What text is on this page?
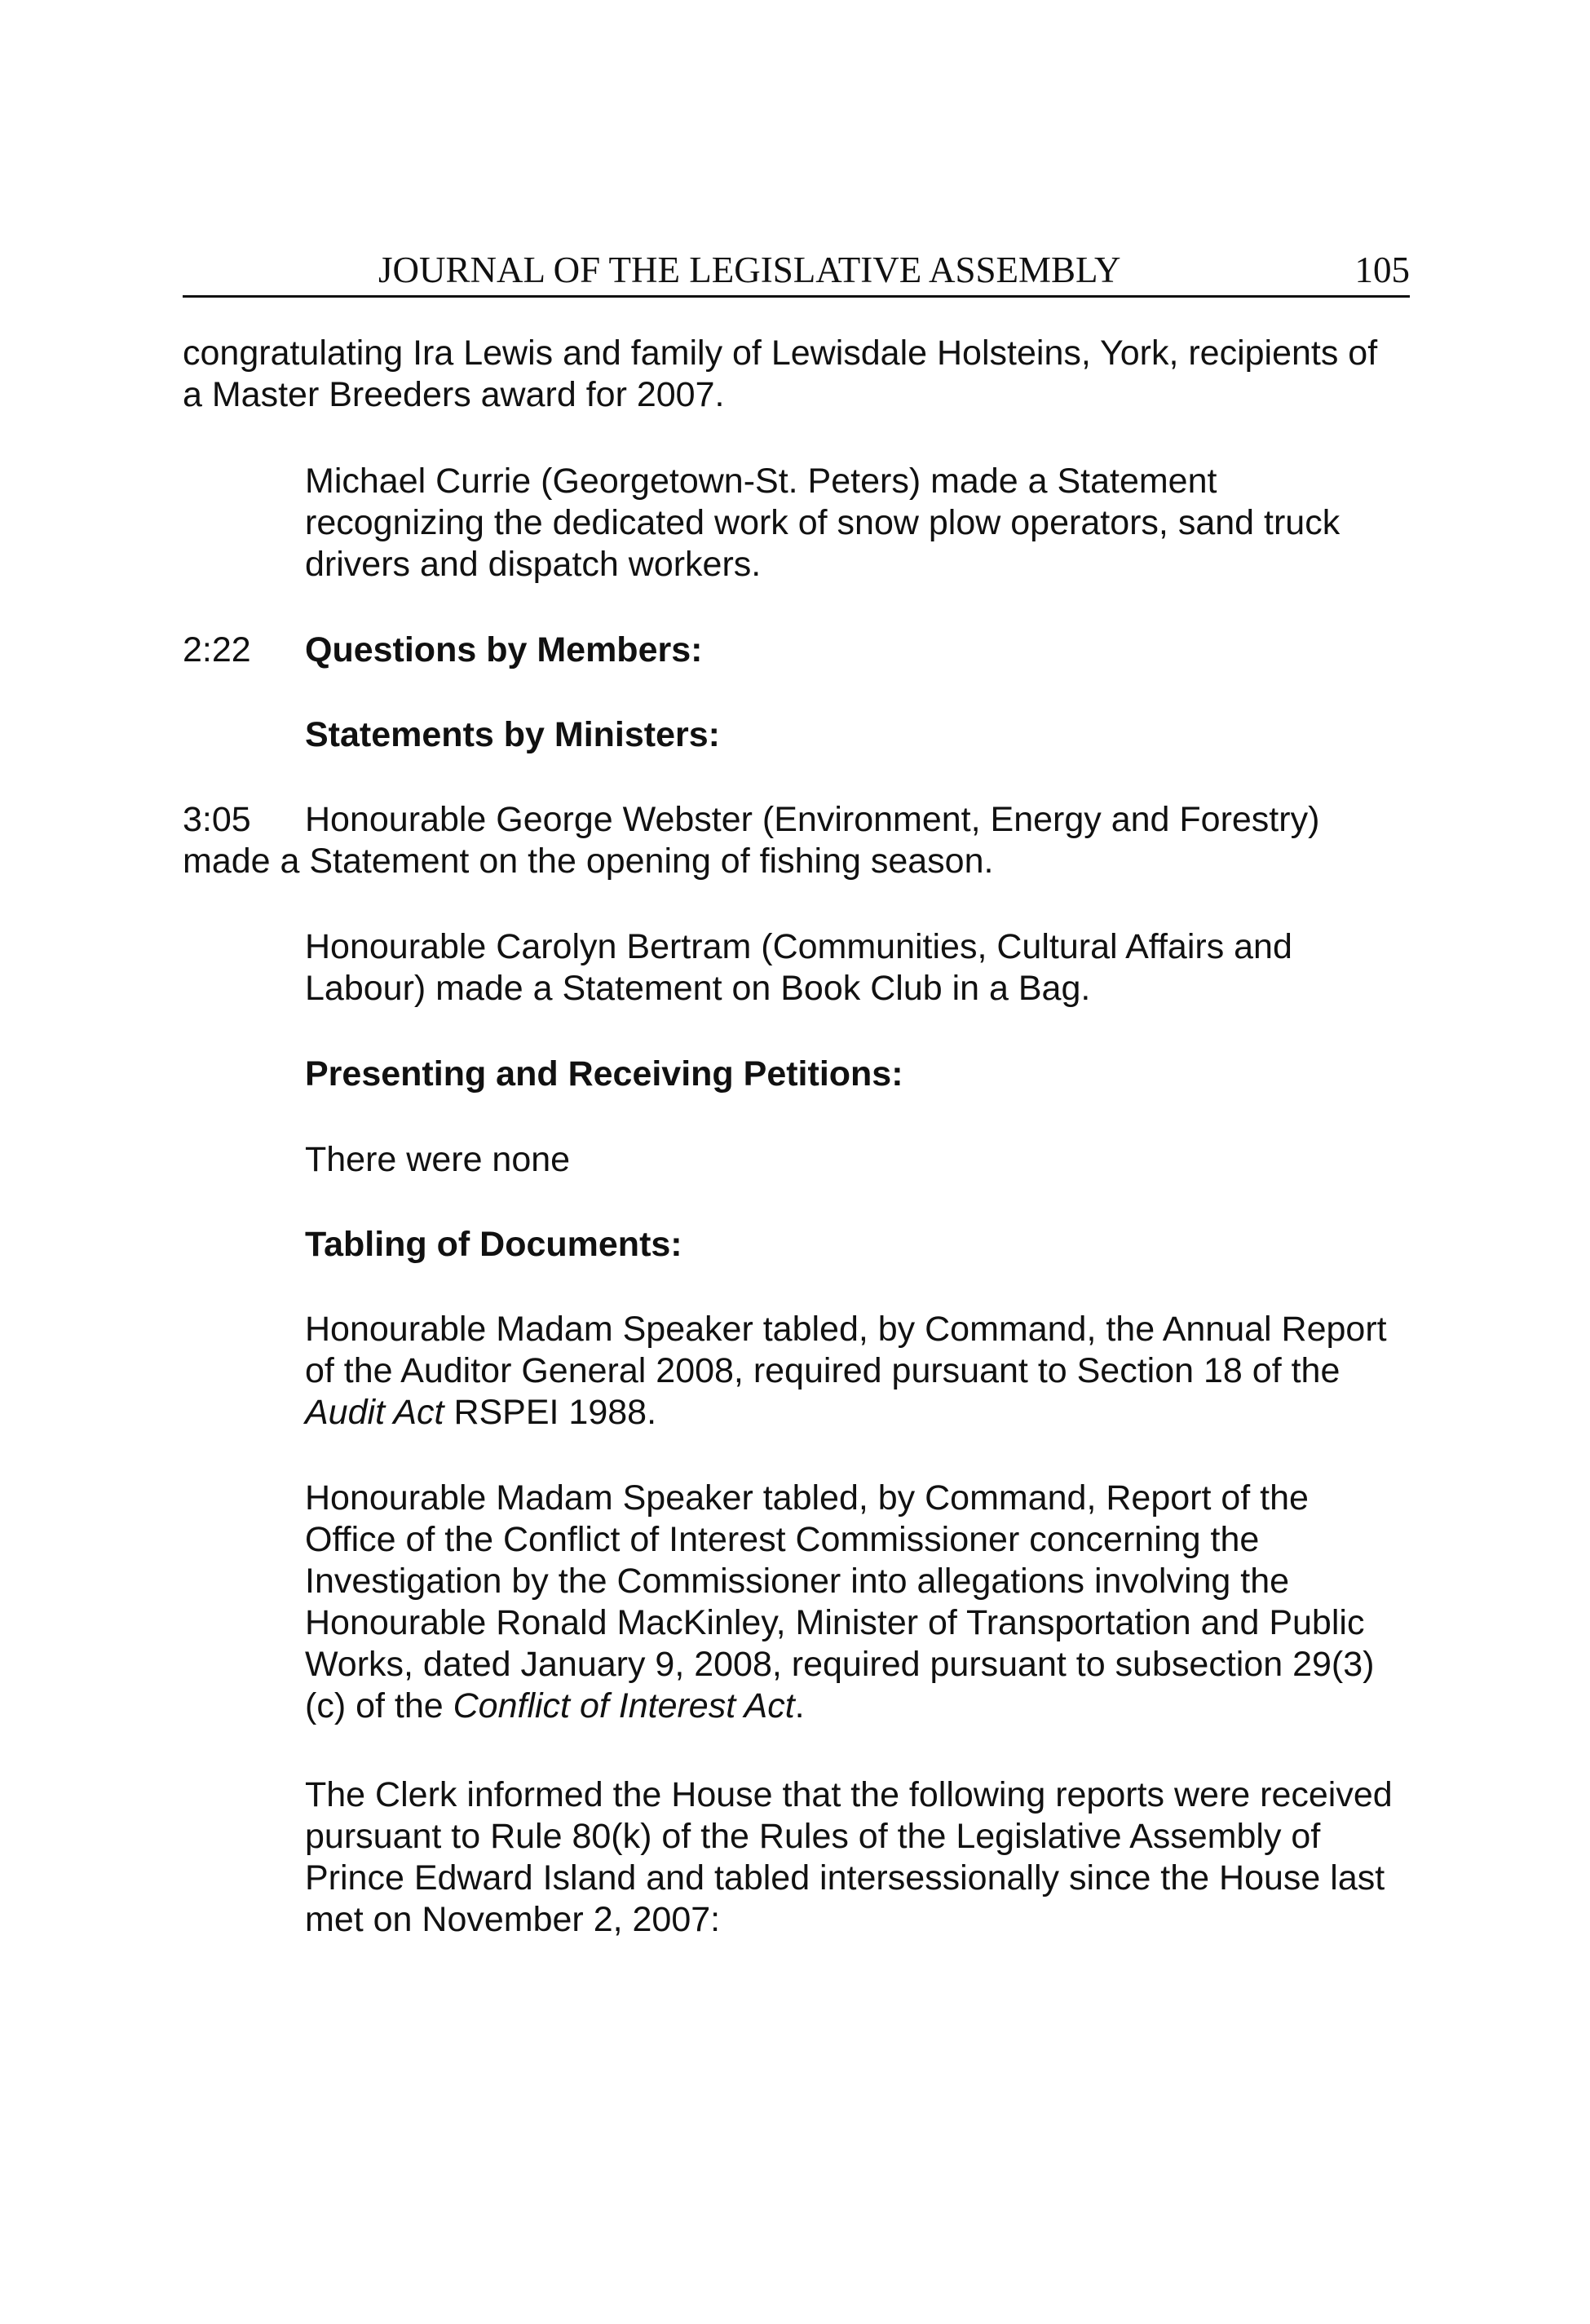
JOURNAL OF THE LEGISLATIVE ASSEMBLY	105

congratulating Ira Lewis and family of Lewisdale Holsteins, York, recipients of a Master Breeders award for 2007.

Michael Currie (Georgetown-St. Peters) made a Statement recognizing the dedicated work of snow plow operators, sand truck drivers and dispatch workers.

2:22 Questions by Members:
Statements by Ministers:

3:05 Honourable George Webster (Environment, Energy and Forestry) made a Statement on the opening of fishing season.

Honourable Carolyn Bertram (Communities, Cultural Affairs and Labour) made a Statement on Book Club in a Bag.

Presenting and Receiving Petitions:
There were none
Tabling of Documents:

Honourable Madam Speaker tabled, by Command, the Annual Report of the Auditor General 2008, required pursuant to Section 18 of the Audit Act RSPEI 1988.

Honourable Madam Speaker tabled, by Command, Report of the Office of the Conflict of Interest Commissioner concerning the Investigation by the Commissioner into allegations involving the Honourable Ronald MacKinley, Minister of Transportation and Public Works, dated January 9, 2008, required pursuant to subsection 29(3)(c) of the Conflict of Interest Act.

The Clerk informed the House that the following reports were received pursuant to Rule 80(k) of the Rules of the Legislative Assembly of Prince Edward Island and tabled intersessionally since the House last met on November 2, 2007:
